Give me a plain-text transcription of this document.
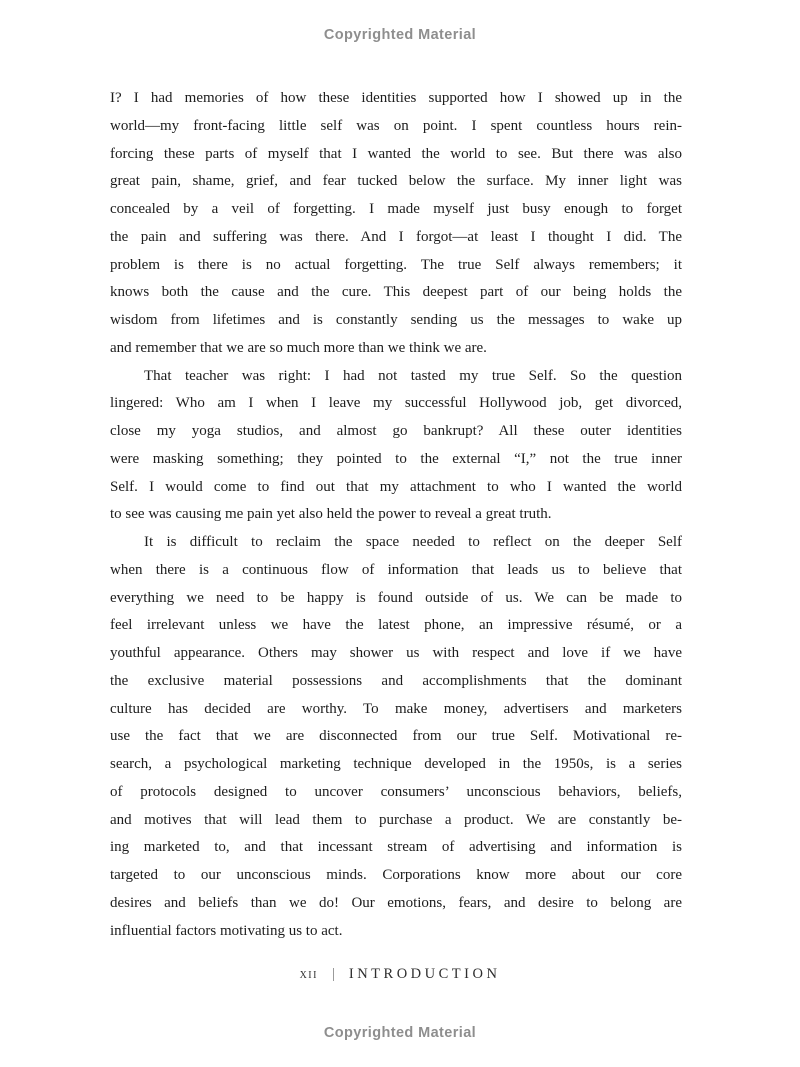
Copyrighted Material
I? I had memories of how these identities supported how I showed up in the
world—my front-facing little self was on point. I spent countless hours rein-
forcing these parts of myself that I wanted the world to see. But there was also
great pain, shame, grief, and fear tucked below the surface. My inner light was
concealed by a veil of forgetting. I made myself just busy enough to forget
the pain and suffering was there. And I forgot—at least I thought I did. The
problem is there is no actual forgetting. The true Self always remembers; it
knows both the cause and the cure. This deepest part of our being holds the
wisdom from lifetimes and is constantly sending us the messages to wake up
and remember that we are so much more than we think we are.
That teacher was right: I had not tasted my true Self. So the question
lingered: Who am I when I leave my successful Hollywood job, get divorced,
close my yoga studios, and almost go bankrupt? All these outer identities
were masking something; they pointed to the external “I,” not the true inner
Self. I would come to find out that my attachment to who I wanted the world
to see was causing me pain yet also held the power to reveal a great truth.
It is difficult to reclaim the space needed to reflect on the deeper Self
when there is a continuous flow of information that leads us to believe that
everything we need to be happy is found outside of us. We can be made to
feel irrelevant unless we have the latest phone, an impressive résumé, or a
youthful appearance. Others may shower us with respect and love if we have
the exclusive material possessions and accomplishments that the dominant
culture has decided are worthy. To make money, advertisers and marketers
use the fact that we are disconnected from our true Self. Motivational re-
search, a psychological marketing technique developed in the 1950s, is a series
of protocols designed to uncover consumers’ unconscious behaviors, beliefs,
and motives that will lead them to purchase a product. We are constantly be-
ing marketed to, and that incessant stream of advertising and information is
targeted to our unconscious minds. Corporations know more about our core
desires and beliefs than we do! Our emotions, fears, and desire to belong are
influential factors motivating us to act.
xii | INTRODUCTION
Copyrighted Material
